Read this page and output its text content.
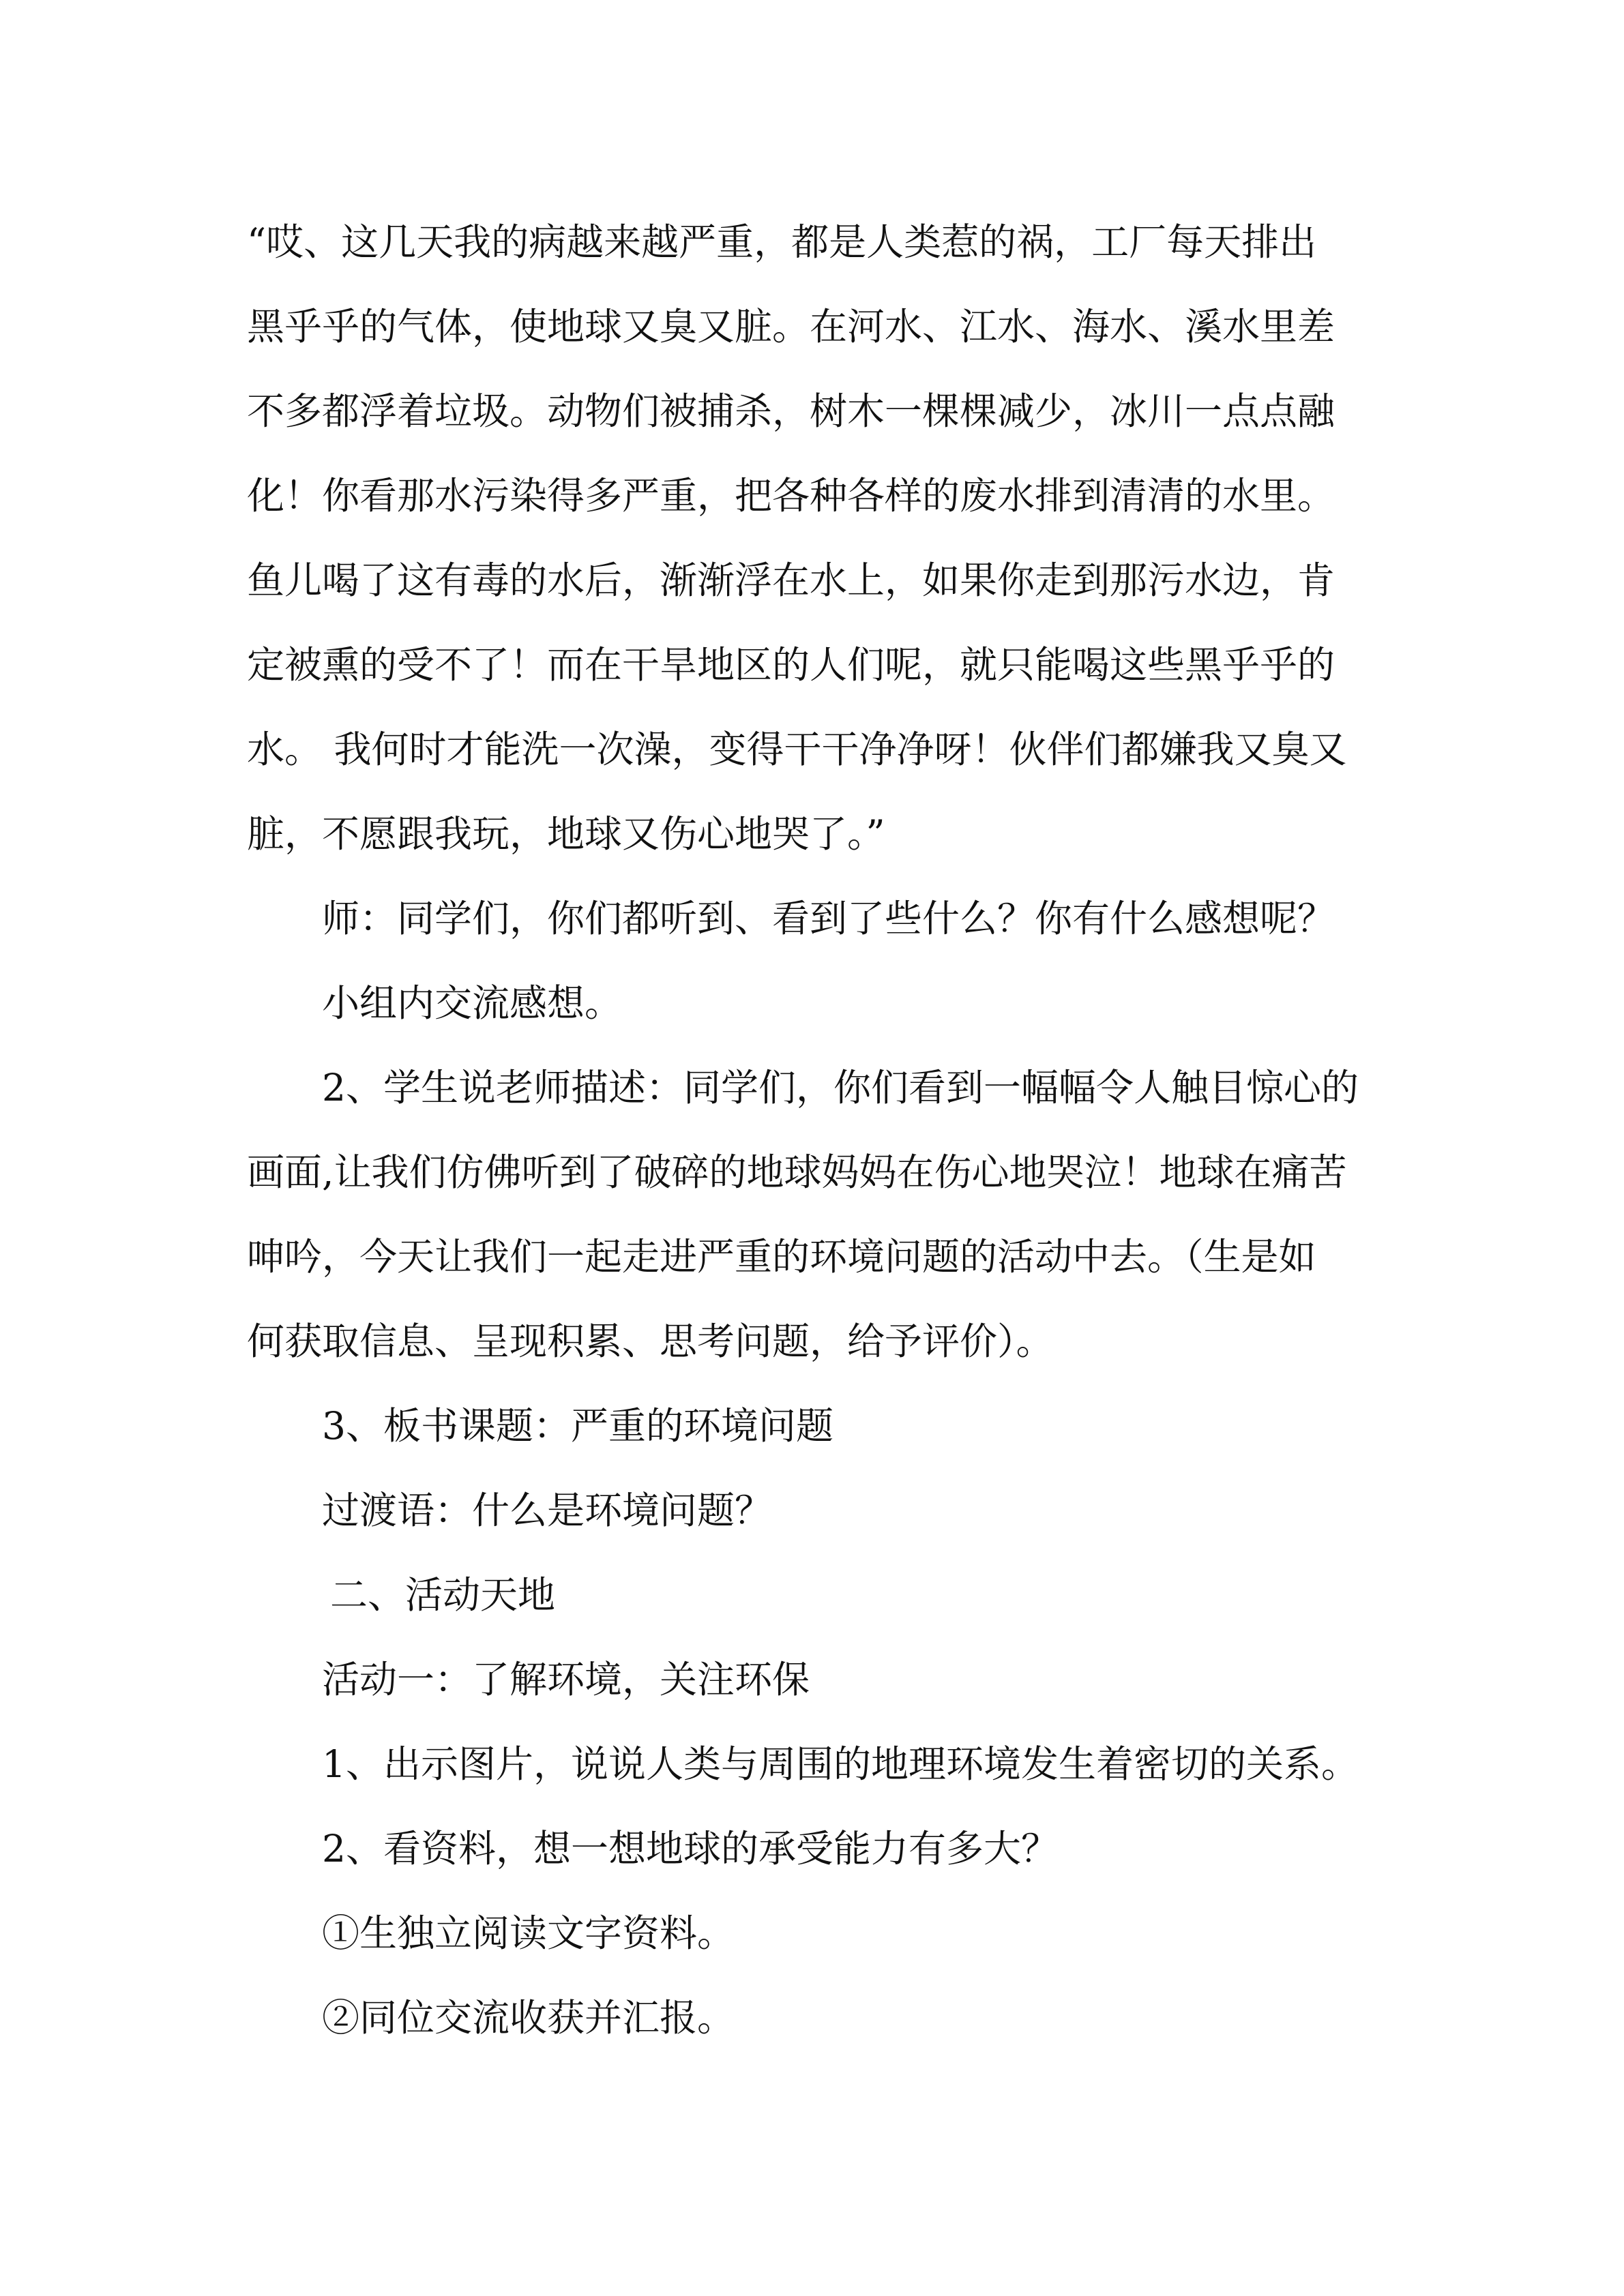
“哎、这几天我的病越来越严重，都是人类惹的祸，工厂每天排出
黑乎乎的气体，使地球又臭又脏。在河水、江水、海水、溪水里差
不多都浮着垃圾。动物们被捕杀，树木一棵棵减少，冰川一点点融
化！你看那水污染得多严重，把各种各样的废水排到清清的水里。
鱼儿喝了这有毒的水后，渐渐浮在水上，如果你走到那污水边，肯
定被熏的受不了！而在干旱地区的人们呢，就只能喝这些黑乎乎的
水。 我何时才能洗一次澡，变得干干净净呀！伙伴们都嫌我又臭又
脏，不愿跟我玩，地球又伤心地哭了。”
师：同学们，你们都听到、看到了些什么？你有什么感想呢？
小组内交流感想。
2、学生说老师描述：同学们，你们看到一幅幅令人触目惊心的
画面,让我们仿佛听到了破碎的地球妈妈在伤心地哭泣！地球在痛苦
呻吟，今天让我们一起走进严重的环境问题的活动中去。（生是如
何获取信息、呈现积累、思考问题，给予评价）。
3、板书课题：严重的环境问题
过渡语：什么是环境问题？
二、活动天地
活动一：了解环境，关注环保
1、出示图片，说说人类与周围的地理环境发生着密切的关系。
2、看资料，想一想地球的承受能力有多大？
①生独立阅读文字资料。
②同位交流收获并汇报。
